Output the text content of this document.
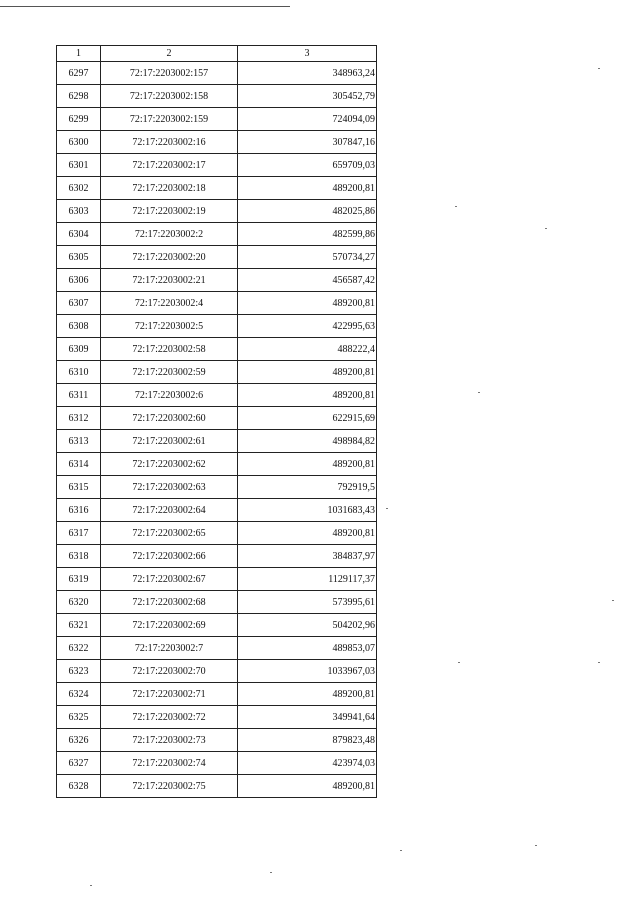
1	2	3
6297	72:17:2203002:157	348963,24
6298	72:17:2203002:158	305452,79
6299	72:17:2203002:159	724094,09
6300	72:17:2203002:16	307847,16
6301	72:17:2203002:17	659709,03
6302	72:17:2203002:18	489200,81
6303	72:17:2203002:19	482025,86
6304	72:17:2203002:2	482599,86
6305	72:17:2203002:20	570734,27
6306	72:17:2203002:21	456587,42
6307	72:17:2203002:4	489200,81
6308	72:17:2203002:5	422995,63
6309	72:17:2203002:58	488222,4
6310	72:17:2203002:59	489200,81
6311	72:17:2203002:6	489200,81
6312	72:17:2203002:60	622915,69
6313	72:17:2203002:61	498984,82
6314	72:17:2203002:62	489200,81
6315	72:17:2203002:63	792919,5
6316	72:17:2203002:64	1031683,43
6317	72:17:2203002:65	489200,81
6318	72:17:2203002:66	384837,97
6319	72:17:2203002:67	1129117,37
6320	72:17:2203002:68	573995,61
6321	72:17:2203002:69	504202,96
6322	72:17:2203002:7	489853,07
6323	72:17:2203002:70	1033967,03
6324	72:17:2203002:71	489200,81
6325	72:17:2203002:72	349941,64
6326	72:17:2203002:73	879823,48
6327	72:17:2203002:74	423974,03
6328	72:17:2203002:75	489200,81
